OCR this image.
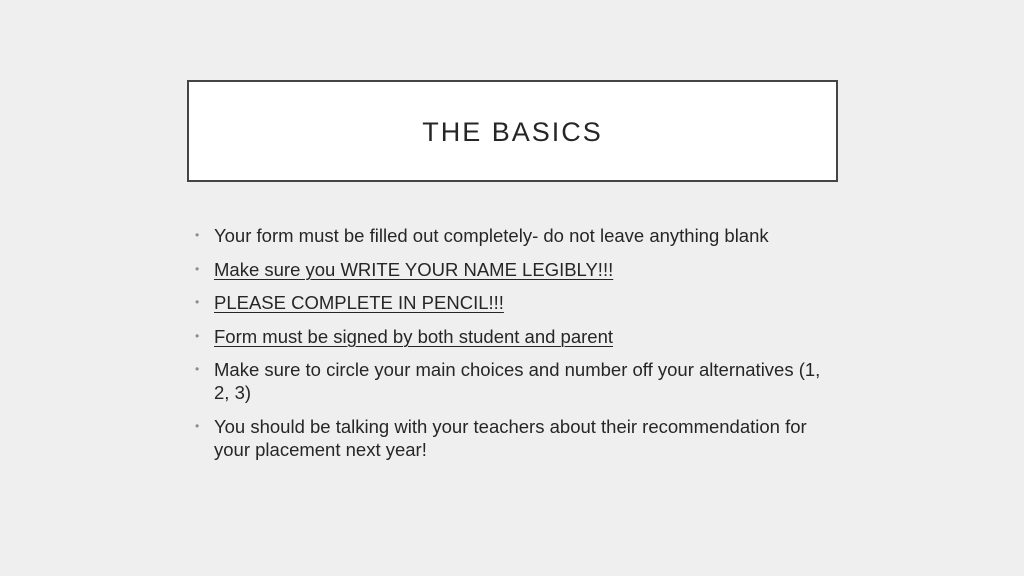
THE BASICS
• Your form must be filled out completely- do not leave anything blank
• Make sure you WRITE YOUR NAME LEGIBLY!!!
• PLEASE COMPLETE IN PENCIL!!!
• Form must be signed by both student and parent
• Make sure to circle your main choices and number off your alternatives (1, 2, 3)
• You should be talking with your teachers about their recommendation for your placement next year!
